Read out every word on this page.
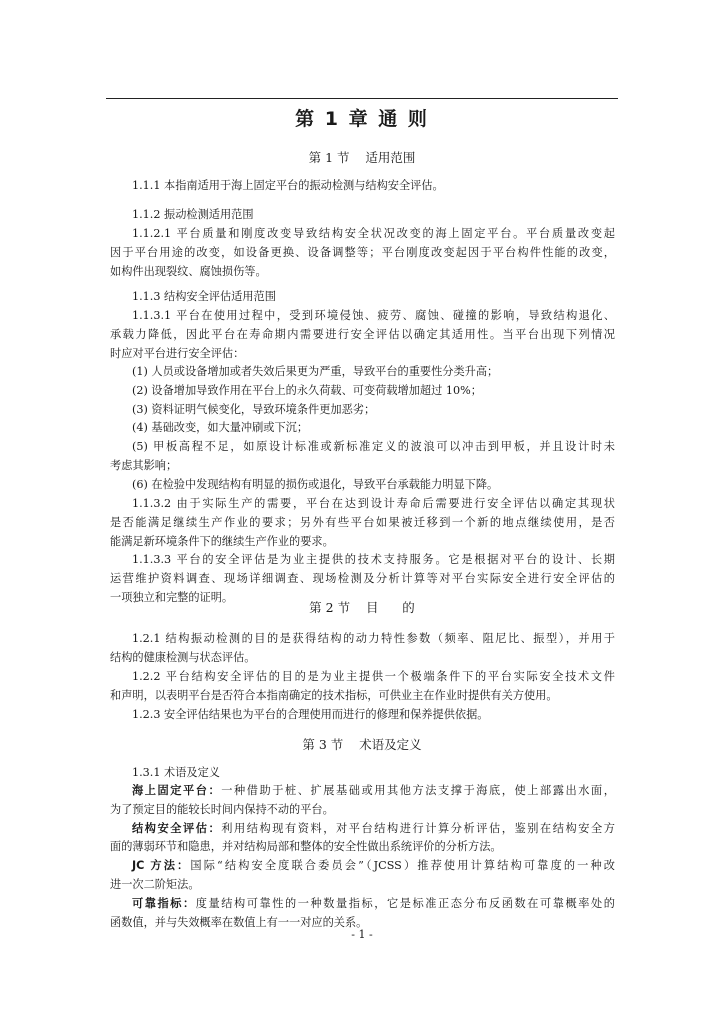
第 1 章 通 则
第 1 节    适用范围
1.1.1 本指南适用于海上固定平台的振动检测与结构安全评估。
1.1.2 振动检测适用范围
1.1.2.1 平台质量和刚度改变导致结构安全状况改变的海上固定平台。平台质量改变起
因于平台用途的改变，如设备更换、设备调整等；平台刚度改变起因于平台构件性能的改变，
如构件出现裂纹、腐蚀损伤等。
1.1.3 结构安全评估适用范围
1.1.3.1 平台在使用过程中，受到环境侵蚀、疲劳、腐蚀、碰撞的影响，导致结构退化、
承载力降低，因此平台在寿命期内需要进行安全评估以确定其适用性。当平台出现下列情况
时应对平台进行安全评估：
(1) 人员或设备增加或者失效后果更为严重，导致平台的重要性分类升高；
(2) 设备增加导致作用在平台上的永久荷载、可变荷载增加超过 10%；
(3) 资料证明气候变化，导致环境条件更加恶劣；
(4) 基础改变，如大量冲刷或下沉；
(5) 甲板高程不足，如原设计标准或新标准定义的波浪可以冲击到甲板，并且设计时未
考虑其影响；
(6) 在检验中发现结构有明显的损伤或退化，导致平台承载能力明显下降。
1.1.3.2 由于实际生产的需要，平台在达到设计寿命后需要进行安全评估以确定其现状
是否能满足继续生产作业的要求；另外有些平台如果被迁移到一个新的地点继续使用，是否
能满足新环境条件下的继续生产作业的要求。
1.1.3.3 平台的安全评估是为业主提供的技术支持服务。它是根据对平台的设计、长期
运营维护资料调查、现场详细调查、现场检测及分析计算等对平台实际安全进行安全评估的
一项独立和完整的证明。
第 2 节    目      的
1.2.1 结构振动检测的目的是获得结构的动力特性参数（频率、阻尼比、振型），并用于
结构的健康检测与状态评估。
1.2.2 平台结构安全评估的目的是为业主提供一个极端条件下的平台实际安全技术文件
和声明，以表明平台是否符合本指南确定的技术指标，可供业主在作业时提供有关方使用。
1.2.3 安全评估结果也为平台的合理使用而进行的修理和保养提供依据。
第 3 节    术语及定义
1.3.1 术语及定义
海上固定平台：一种借助于桩、扩展基础或用其他方法支撑于海底，使上部露出水面，
为了预定目的能较长时间内保持不动的平台。
结构安全评估：利用结构现有资料，对平台结构进行计算分析评估，鉴别在结构安全方
面的薄弱环节和隐患，并对结构局部和整体的安全性做出系统评价的分析方法。
JC 方法：国际“结构安全度联合委员会”（JCSS）推荐使用计算结构可靠度的一种改
进一次二阶矩法。
可靠指标：度量结构可靠性的一种数量指标，它是标准正态分布反函数在可靠概率处的
函数值，并与失效概率在数值上有一一对应的关系。
- 1 -
